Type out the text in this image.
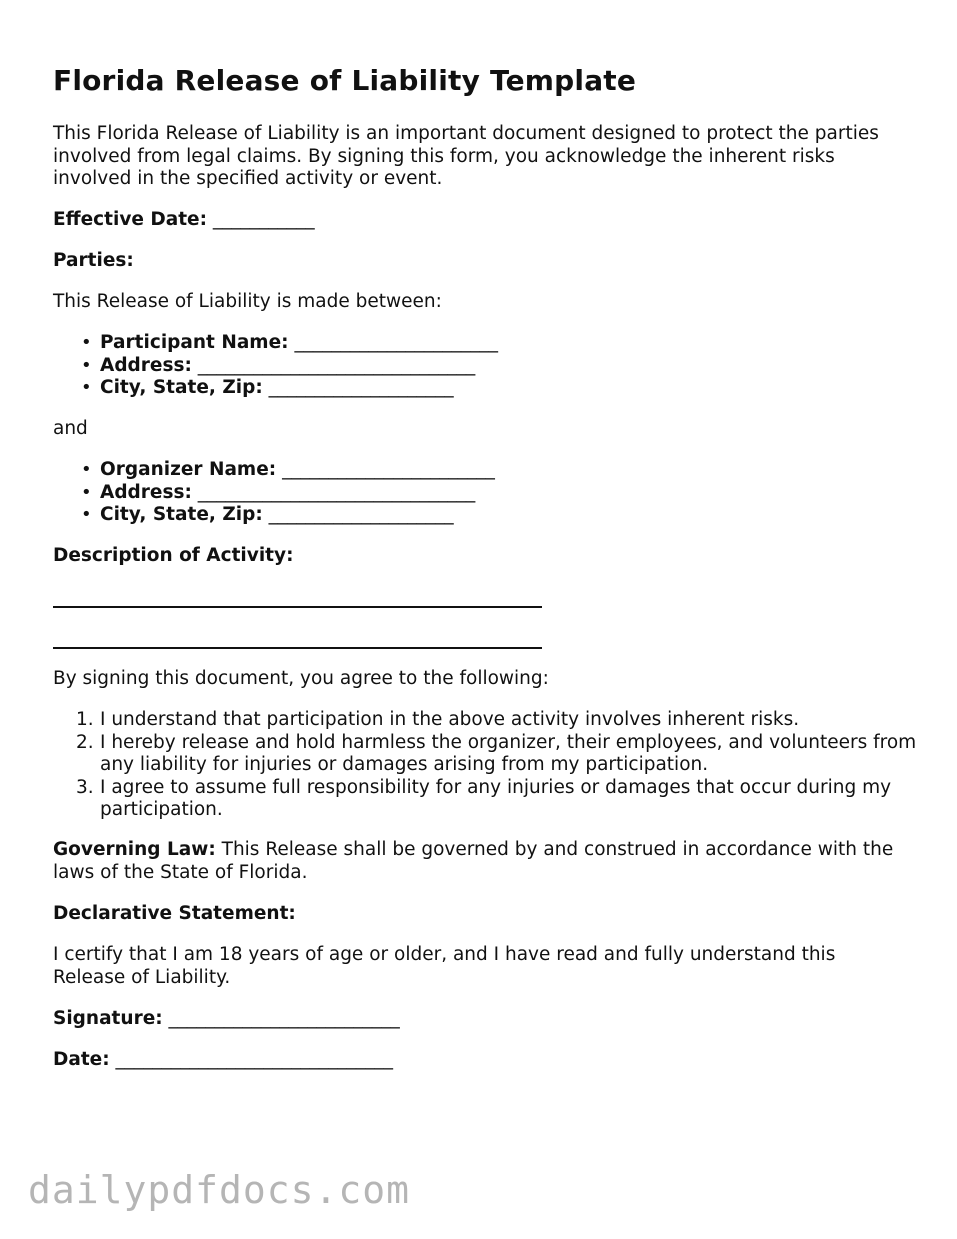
Florida Release of Liability Template

This Florida Release of Liability is an important document designed to protect the parties involved from legal claims. By signing this form, you acknowledge the inherent risks involved in the specified activity or event.

Effective Date: ___________
Parties:
This Release of Liability is made between:
• Participant Name: ______________________
• Address: ______________________________
• City, State, Zip: ____________________
and
• Organizer Name: _______________________
• Address: ______________________________
• City, State, Zip: ____________________
Description of Activity:
By signing this document, you agree to the following:
1. I understand that participation in the above activity involves inherent risks.
2. I hereby release and hold harmless the organizer, their employees, and volunteers from any liability for injuries or damages arising from my participation.
3. I agree to assume full responsibility for any injuries or damages that occur during my participation.

Governing Law: This Release shall be governed by and construed in accordance with the laws of the State of Florida.

Declarative Statement:

I certify that I am 18 years of age or older, and I have read and fully understand this Release of Liability.

Signature: _________________________
Date: ______________________________
dailypdfdocs.com
